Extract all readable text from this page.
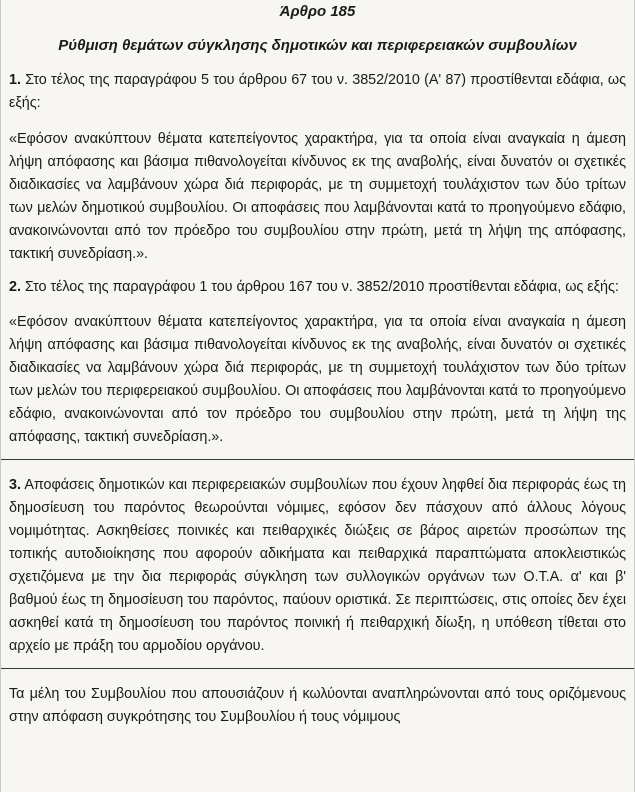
Άρθρο 185
Ρύθμιση θεμάτων σύγκλησης δημοτικών και περιφερειακών συμβουλίων

1. Στο τέλος της παραγράφου 5 του άρθρου 67 του ν. 3852/2010 (Α' 87) προστίθενται εδάφια, ως εξής:

«Εφόσον ανακύπτουν θέματα κατεπείγοντος χαρακτήρα, για τα οποία είναι αναγκαία η άμεση λήψη απόφασης και βάσιμα πιθανολογείται κίνδυνος εκ της αναβολής, είναι δυνατόν οι σχετικές διαδικασίες να λαμβάνουν χώρα διά περιφοράς, με τη συμμετοχή τουλάχιστον των δύο τρίτων των μελών δημοτικού συμβουλίου. Οι αποφάσεις που λαμβάνονται κατά το προηγούμενο εδάφιο, ανακοινώνονται από τον πρόεδρο του συμβουλίου στην πρώτη, μετά τη λήψη της απόφασης, τακτική συνεδρίαση.».

2. Στο τέλος της παραγράφου 1 του άρθρου 167 του ν. 3852/2010 προστίθενται εδάφια, ως εξής:

«Εφόσον ανακύπτουν θέματα κατεπείγοντος χαρακτήρα, για τα οποία είναι αναγκαία η άμεση λήψη απόφασης και βάσιμα πιθανολογείται κίνδυνος εκ της αναβολής, είναι δυνατόν οι σχετικές διαδικασίες να λαμβάνουν χώρα διά περιφοράς, με τη συμμετοχή τουλάχιστον των δύο τρίτων των μελών του περιφερειακού συμβουλίου. Οι αποφάσεις που λαμβάνονται κατά το προηγούμενο εδάφιο, ανακοινώνονται από τον πρόεδρο του συμβουλίου στην πρώτη, μετά τη λήψη της απόφασης, τακτική συνεδρίαση.».

3. Αποφάσεις δημοτικών και περιφερειακών συμβουλίων που έχουν ληφθεί δια περιφοράς έως τη δημοσίευση του παρόντος θεωρούνται νόμιμες, εφόσον δεν πάσχουν από άλλους λόγους νομιμότητας. Ασκηθείσες ποινικές και πειθαρχικές διώξεις σε βάρος αιρετών προσώπων της τοπικής αυτοδιοίκησης που αφορούν αδικήματα και πειθαρχικά παραπτώματα αποκλειστικώς σχετιζόμενα με την δια περιφοράς σύγκληση των συλλογικών οργάνων των Ο.Τ.Α. α' και β' βαθμού έως τη δημοσίευση του παρόντος, παύουν οριστικά. Σε περιπτώσεις, στις οποίες δεν έχει ασκηθεί κατά τη δημοσίευση του παρόντος ποινική ή πειθαρχική δίωξη, η υπόθεση τίθεται στο αρχείο με πράξη του αρμοδίου οργάνου.

Τα μέλη του Συμβουλίου που απουσιάζουν ή κωλύονται αναπληρώνονται από τους οριζόμενους στην απόφαση συγκρότησης του Συμβουλίου ή τους νόμιμους
